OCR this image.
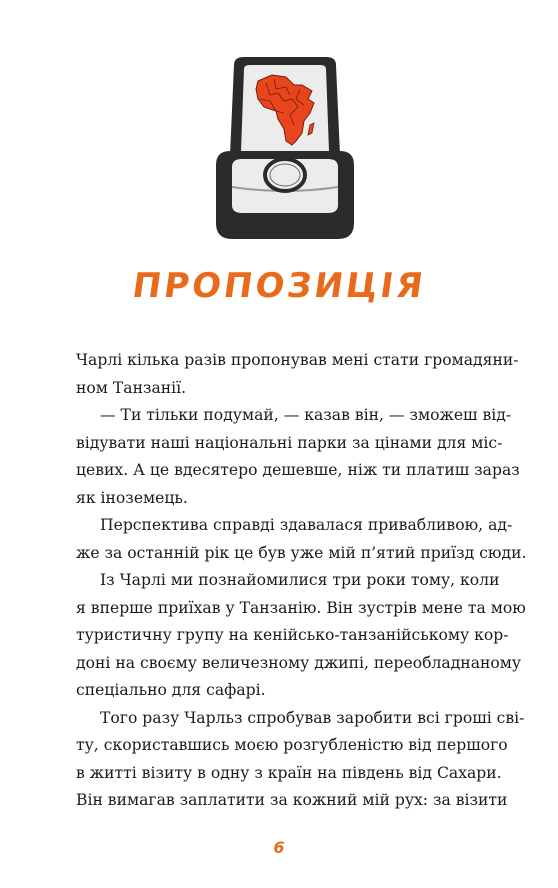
ПРОПОЗИЦІЯ

Чарлі кілька разів пропонував мені стати громадяни-
ном Танзанії.

— Ти тільки подумай, — казав він, — зможеш від-
відувати наші національні парки за цінами для міс-
цевих. А це вдесятеро дешевше, ніж ти платиш зараз
як іноземець.

Перспектива справді здавалася привабливою, ад-
же за останній рік це був уже мій п’ятий приїзд сюди.

Із Чарлі ми познайомилися три роки тому, коли
я вперше приїхав у Танзанію. Він зустрів мене та мою
туристичну групу на кенійсько-танзанійському кор-
доні на своєму величезному джипі, переобладнаному
спеціально для сафарі.

Того разу Чарльз спробував заробити всі гроші сві-
ту, скориставшись моєю розгубленістю від першого
в житті візиту в одну з країн на південь від Сахари.
Він вимагав заплатити за кожний мій рух: за візити

6
